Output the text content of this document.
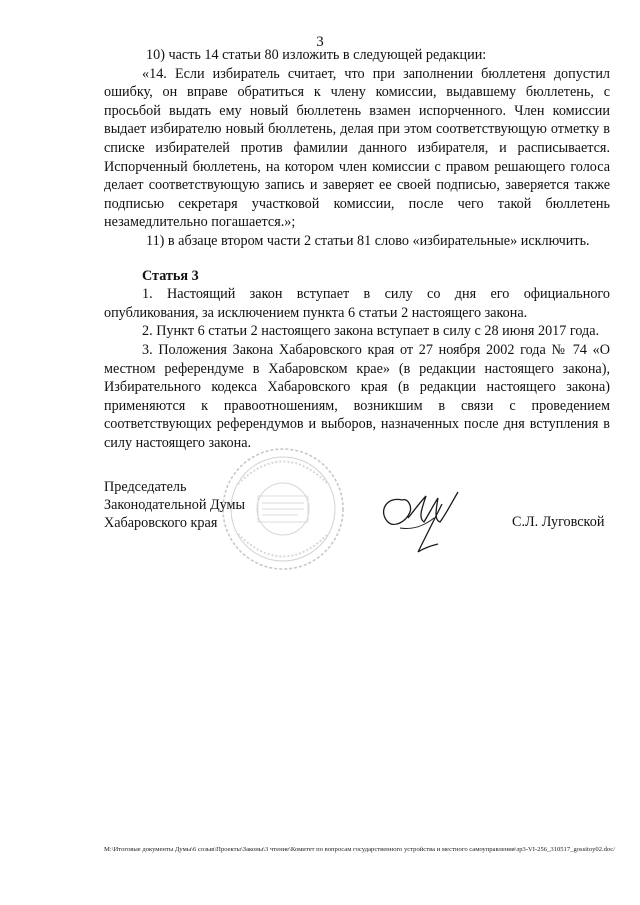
3

10) часть 14 статьи 80 изложить в следующей редакции:

«14. Если избиратель считает, что при заполнении бюллетеня допустил ошибку, он вправе обратиться к члену комиссии, выдавшему бюллетень, с просьбой выдать ему новый бюллетень взамен испорченного. Член комиссии выдает избирателю новый бюллетень, делая при этом соответствующую отметку в списке избирателей против фамилии данного избирателя, и расписывается. Испорченный бюллетень, на котором член комиссии с правом решающего голоса делает соответствующую запись и заверяет ее своей подписью, заверяется также подписью секретаря участковой комиссии, после чего такой бюллетень незамедлительно погашается.»;

11) в абзаце втором части 2 статьи 81 слово «избирательные» исключить.

Статья 3

1. Настоящий закон вступает в силу со дня его официального опубликования, за исключением пункта 6 статьи 2 настоящего закона.

2. Пункт 6 статьи 2 настоящего закона вступает в силу с 28 июня 2017 года.

3. Положения Закона Хабаровского края от 27 ноября 2002 года № 74 «О местном референдуме в Хабаровском крае» (в редакции настоящего закона), Избирательного кодекса Хабаровского края (в редакции настоящего закона) применяются к правоотношениям, возникшим в связи с проведением соответствующих референдумов и выборов, назначенных после дня вступления в силу настоящего закона.

Председатель
Законодательной Думы
Хабаровского края	С.Л. Луговской
M:\Итоговые документы Думы\6 созыв\Проекты\Законы\3 чтение\Комитет по вопросам государственного устройства и местного самоуправления\зр3-VI-256_310517_gossitoy02.doc/
